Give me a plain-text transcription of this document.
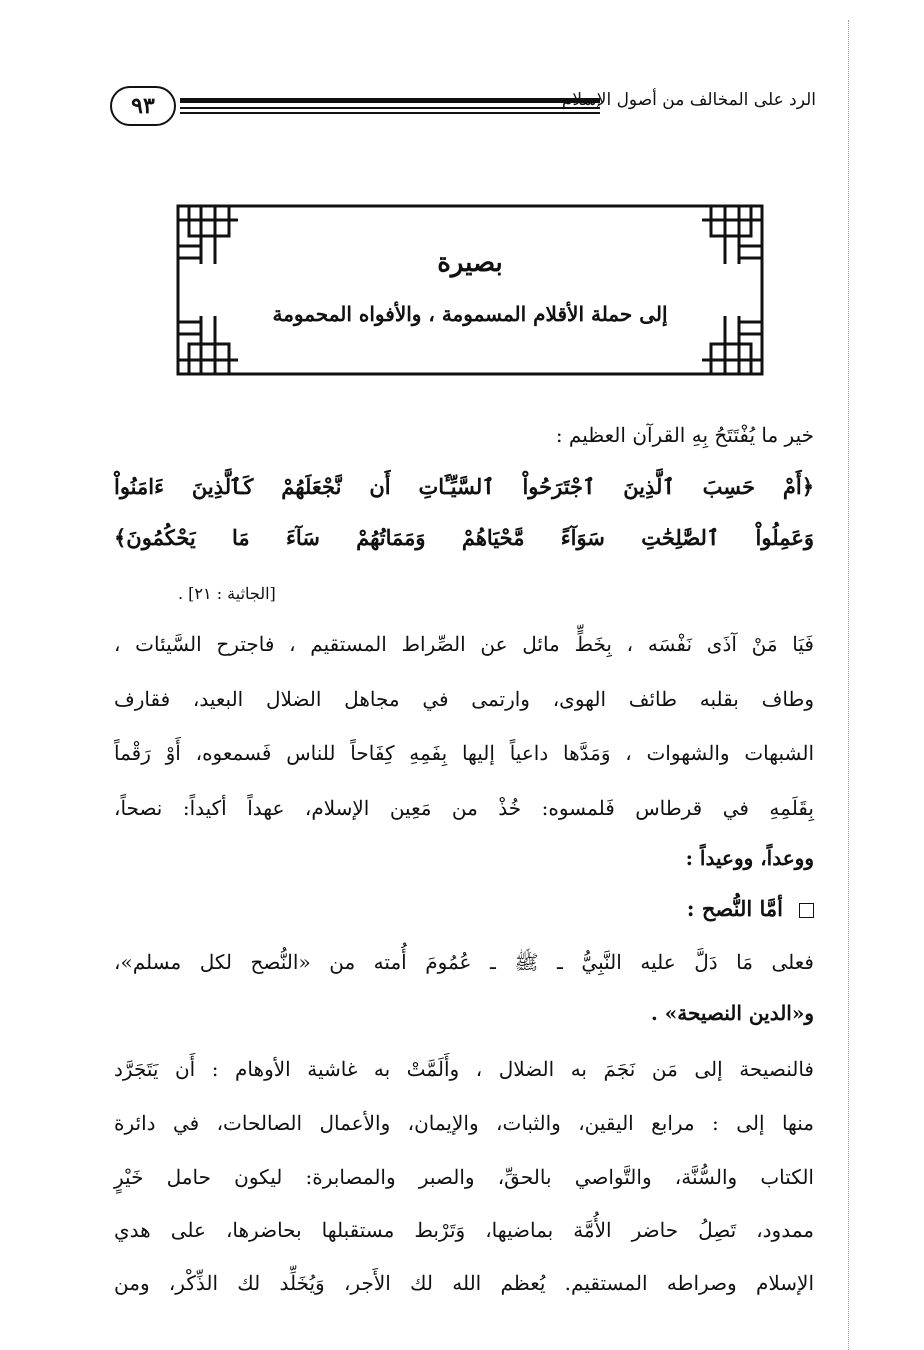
٩٣	الرد على المخالف من أصول الإسلام
بصيرة
إلى حملة الأقلام المسمومة ، والأفواه المحمومة
خير ما يُفْتَتَحُ بِهِ القرآن العظيم :
﴿أَمْ حَسِبَ ٱلَّذِينَ ٱجْتَرَحُواْ ٱلسَّيِّـَٔاتِ أَن نَّجْعَلَهُمْ كَٱلَّذِينَ ءَامَنُواْ
وَعَمِلُواْ ٱلصَّٰلِحَٰتِ سَوَآءً مَّحْيَاهُمْ وَمَمَاتُهُمْ سَآءَ مَا يَحْكُمُونَ﴾
[الجاثية : ٢١] .
فَيَا مَنْ آذَى نَفْسَه ، بِخَطٍّ مائل عن الصِّراط المستقيم ، فاجترح السَّيئات ،
وطاف بقلبه طائف الهوى، وارتمى في مجاهل الضلال البعيد، فقارف
الشبهات والشهوات ، وَمَدَّها داعياً إليها بِفَمِهِ كِفَاحاً للناس فَسمعوه، أَوْ رَقْماً
بِقَلَمِهِ في قرطاس فَلمسوه: خُذْ من مَعِين الإسلام، عهداً أكيداً: نصحاً،
ووعداً، ووعيداً :
أمَّا النُّصح :
فعلى مَا دَلَّ عليه النَّبِيُّ ـ ﷺ ـ عُمُومَ أُمته من «النُّصح لكل مسلم»،
و«الدين النصيحة» .
فالنصيحة إلى مَن نَجَمَ به الضلال ، وأَلَمَّتْ به غاشية الأوهام : أَن يَتَجَرَّد
منها إلى : مرابع اليقين، والثبات، والإيمان، والأعمال الصالحات، في دائرة
الكتاب والسُّنَّة، والتَّواصي بالحقِّ، والصبر والمصابرة: ليكون حامل خَيْرٍ
ممدود، تَصِلُ حاضر الأُمَّة بماضيها، وَتَرْبط مستقبلها بحاضرها، على هدي
الإسلام وصراطه المستقيم. يُعظم الله لك الأَجر، وَيُخَلِّد لك الذِّكْر، ومن
